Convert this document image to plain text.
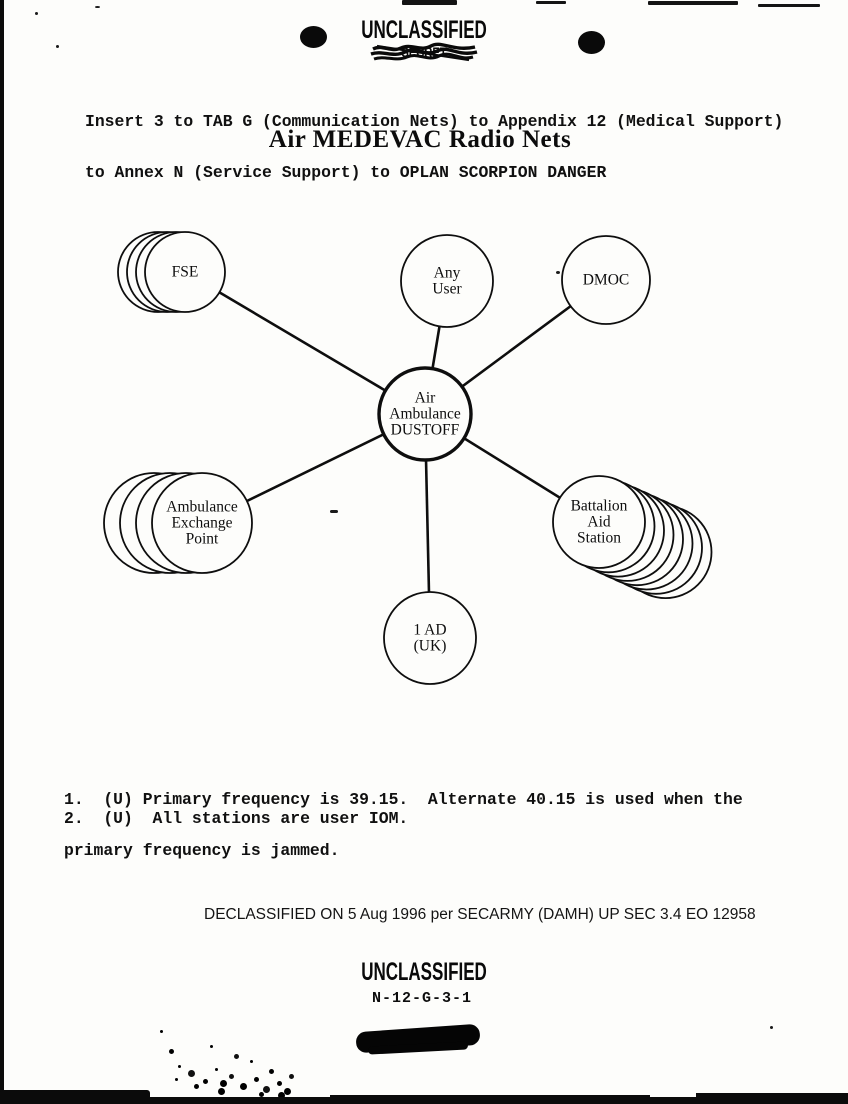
UNCLASSIFIED
SECRET

Insert 3 to TAB G (Communication Nets) to Appendix 12 (Medical Support)

to Annex N (Service Support) to OPLAN SCORPION DANGER

Air MEDEVAC Radio Nets
FSE	Any User
DMOC
Ambulance Exchange Point
Battalion Aid Station
1 AD (UK)
Air Ambulance DUSTOFF

1.  (U) Primary frequency is 39.15.  Alternate 40.15 is used when the

primary frequency is jammed.

2.  (U)  All stations are user IOM.
DECLASSIFIED ON 5 Aug 1996 per SECARMY (DAMH) UP SEC 3.4 EO 12958
UNCLASSIFIED
N-12-G-3-1
